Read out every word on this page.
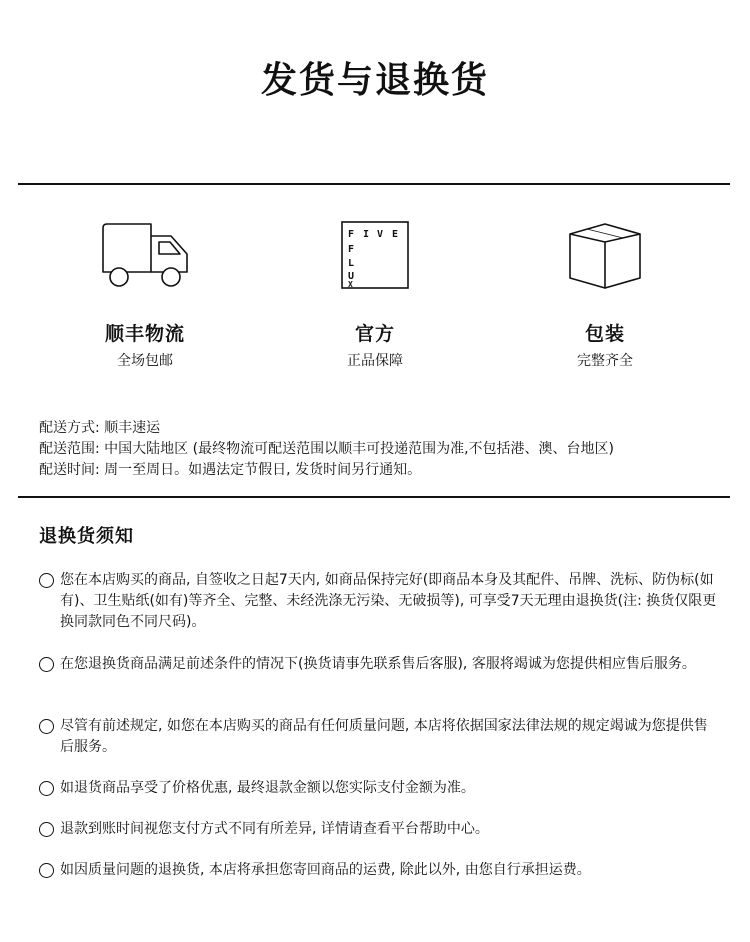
发货与退换货
顺丰物流
全场包邮
F I V E
F
L
U
X
官方
正品保障
包装
完整齐全
配送方式: 顺丰速运
配送范围: 中国大陆地区 (最终物流可配送范围以顺丰可投递范围为准,不包括港、澳、台地区)
配送时间: 周一至周日。如遇法定节假日, 发货时间另行通知。
退换货须知
您在本店购买的商品, 自签收之日起7天内, 如商品保持完好(即商品本身及其配件、吊牌、洗标、防伪标(如有)、卫生贴纸(如有)等齐全、完整、未经洗涤无污染、无破损等), 可享受7天无理由退换货(注: 换货仅限更换同款同色不同尺码)。
在您退换货商品满足前述条件的情况下(换货请事先联系售后客服), 客服将竭诚为您提供相应售后服务。
尽管有前述规定, 如您在本店购买的商品有任何质量问题, 本店将依据国家法律法规的规定竭诚为您提供售后服务。
如退货商品享受了价格优惠, 最终退款金额以您实际支付金额为准。
退款到账时间视您支付方式不同有所差异, 详情请查看平台帮助中心。
如因质量问题的退换货, 本店将承担您寄回商品的运费, 除此以外, 由您自行承担运费。
